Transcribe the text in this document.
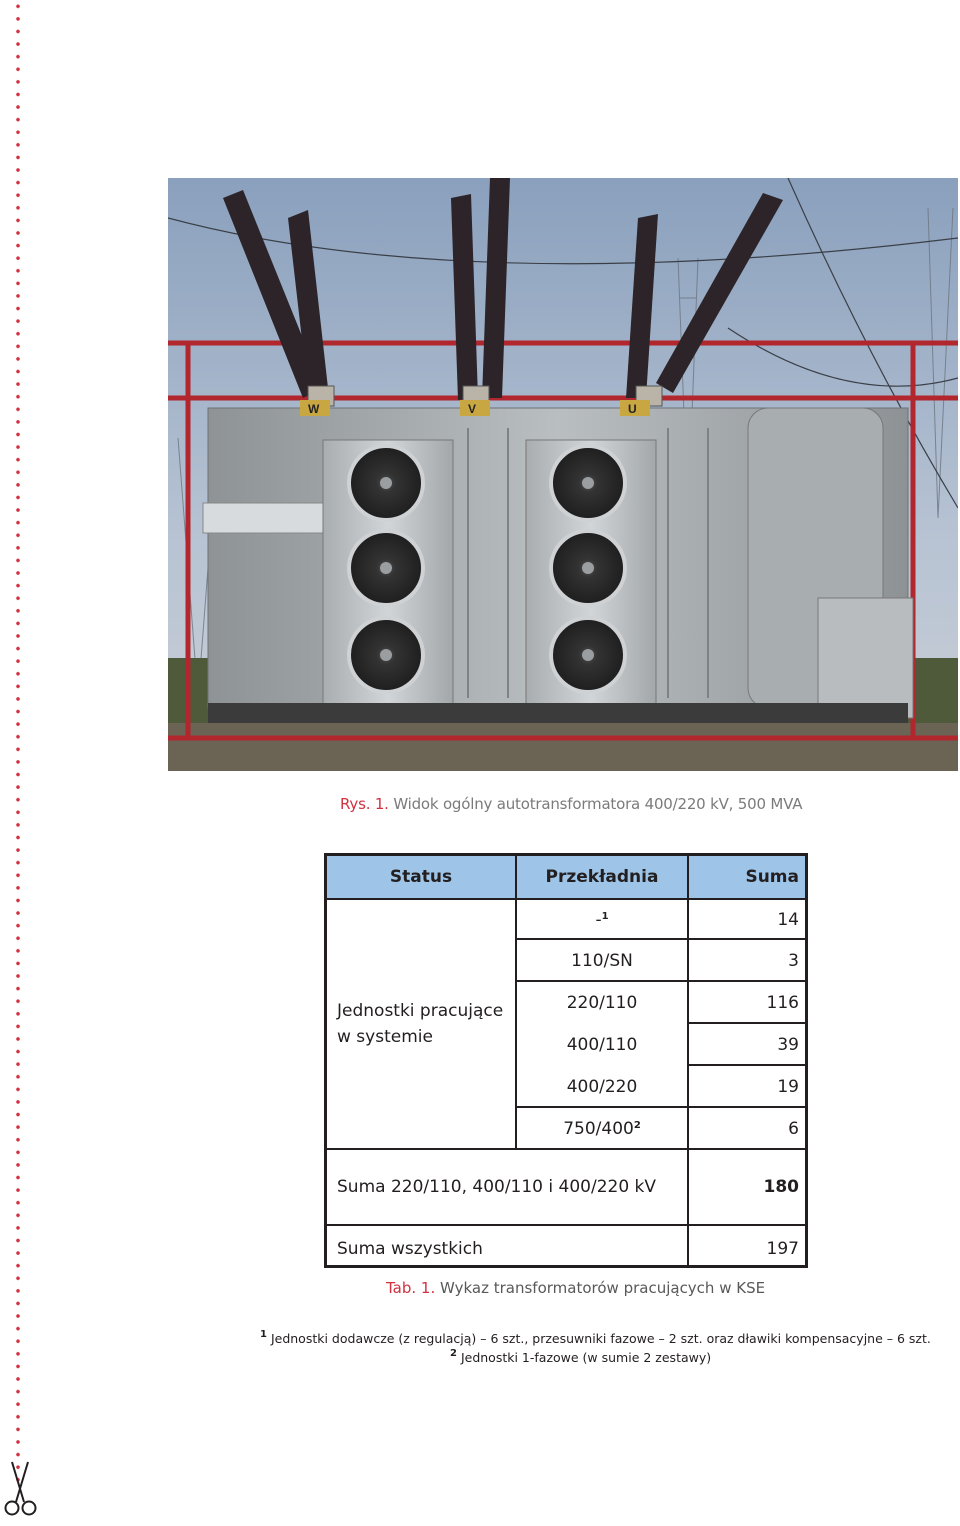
W	V	U
Rys. 1. Widok ogólny autotransformatora 400/220 kV, 500 MVA
Status	Przekładnia	Suma
Jednostki pracujące
w systemie
-$^1$	14
110/SN	3
220/110	116
400/110	39
400/220	19
$750/400^2$	6
Suma 220/110, 400/110 i 400/220 kV	180
Suma wszystkich	197
Tab. 1. Wykaz transformatorów pracujących w KSE
$^1$ Jednostki dodawcze (z regulacją) – 6 szt., przesuwniki fazowe – 2 szt. oraz dławiki kompensacyjne – 6 szt.
$^2$ Jednostki 1-fazowe (w sumie 2 zestawy)
